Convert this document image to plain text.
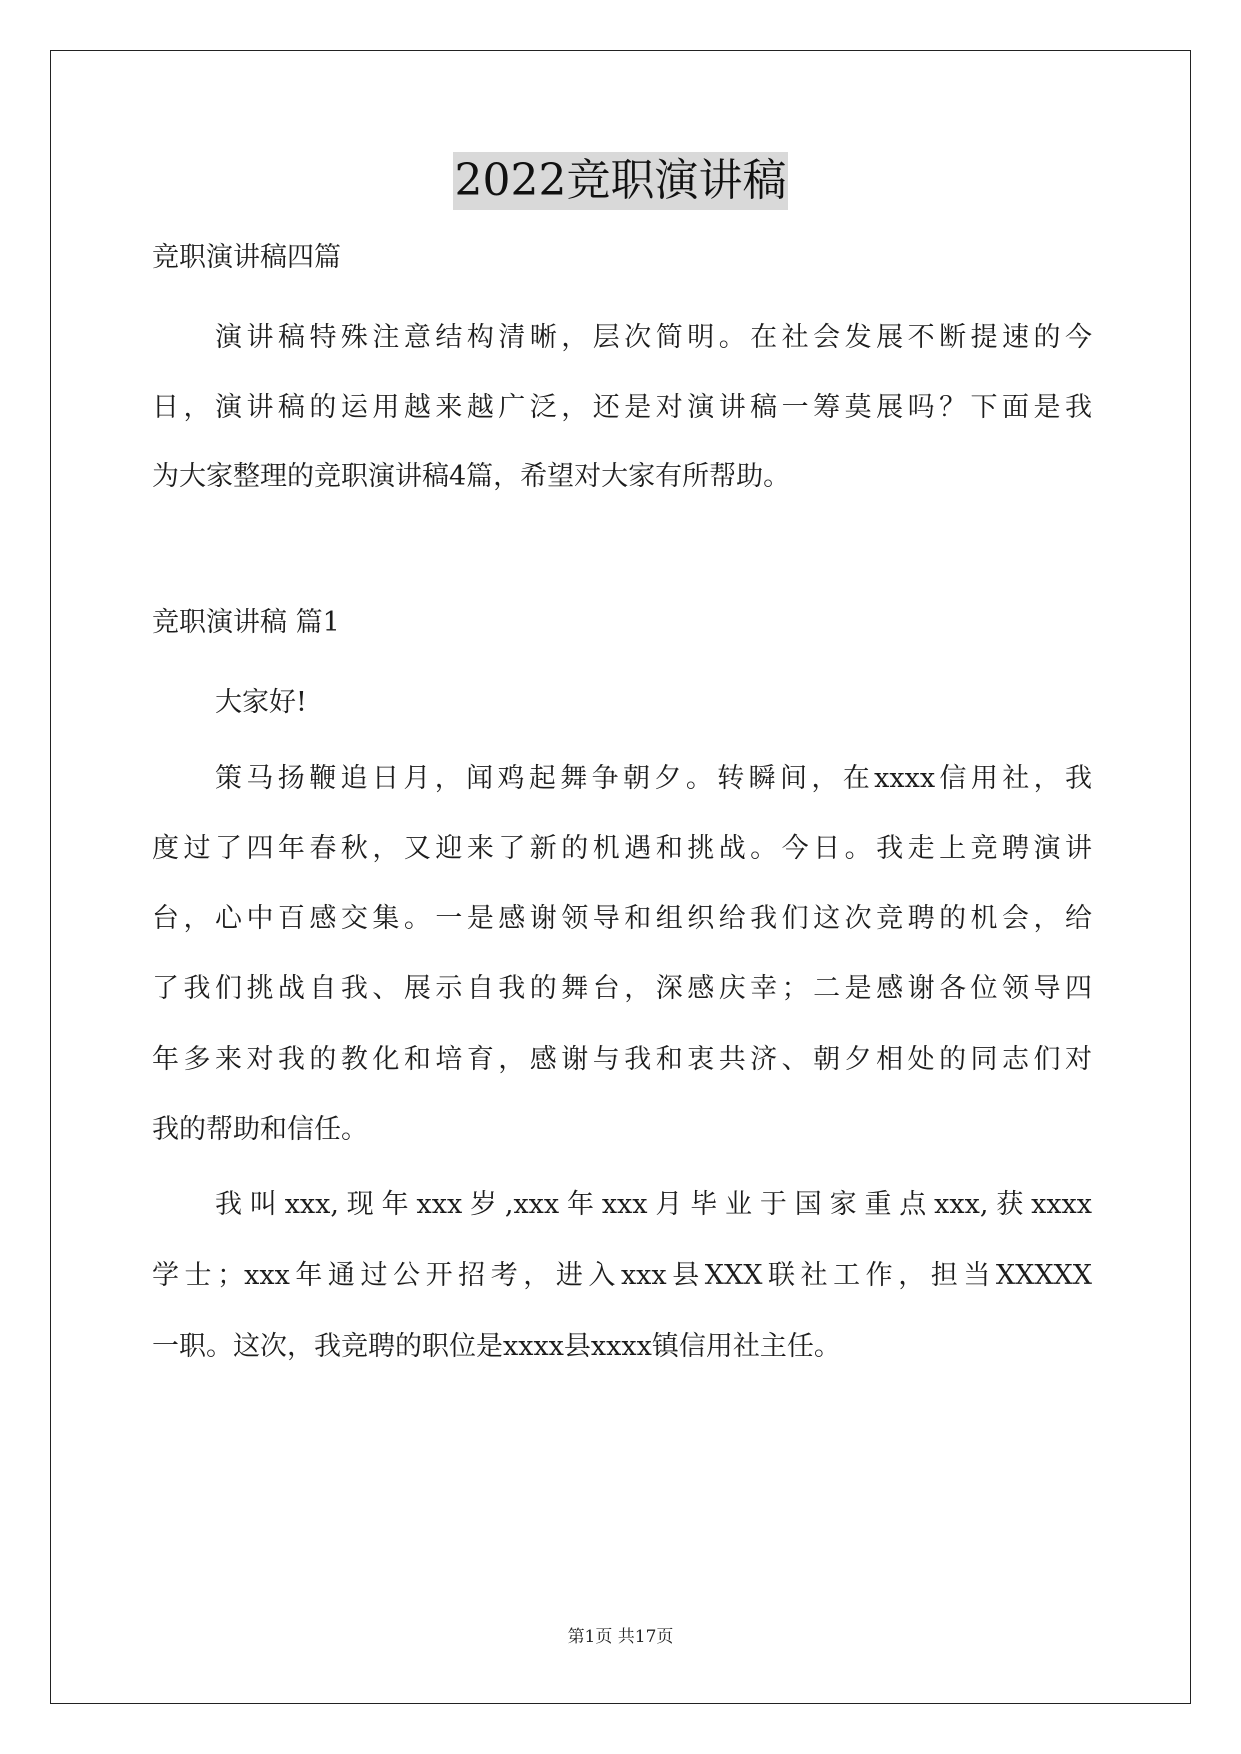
2022竞职演讲稿
竞职演讲稿四篇
演讲稿特殊注意结构清晰，层次简明。在社会发展不断提速的今
日，演讲稿的运用越来越广泛，还是对演讲稿一筹莫展吗？下面是我
为大家整理的竞职演讲稿4篇，希望对大家有所帮助。
竞职演讲稿 篇1
大家好!
策马扬鞭追日月，闻鸡起舞争朝夕。转瞬间，在xxxx信用社，我
度过了四年春秋，又迎来了新的机遇和挑战。今日。我走上竞聘演讲
台，心中百感交集。一是感谢领导和组织给我们这次竞聘的机会，给
了我们挑战自我、展示自我的舞台，深感庆幸；二是感谢各位领导四
年多来对我的教化和培育，感谢与我和衷共济、朝夕相处的同志们对
我的帮助和信任。
我叫xxx,现年xxx岁,xxx年xxx月毕业于国家重点xxx,获xxxx
学士；xxx年通过公开招考，进入xxx县XXX联社工作，担当XXXXX
一职。这次，我竞聘的职位是xxxx县xxxx镇信用社主任。
第1页 共17页
